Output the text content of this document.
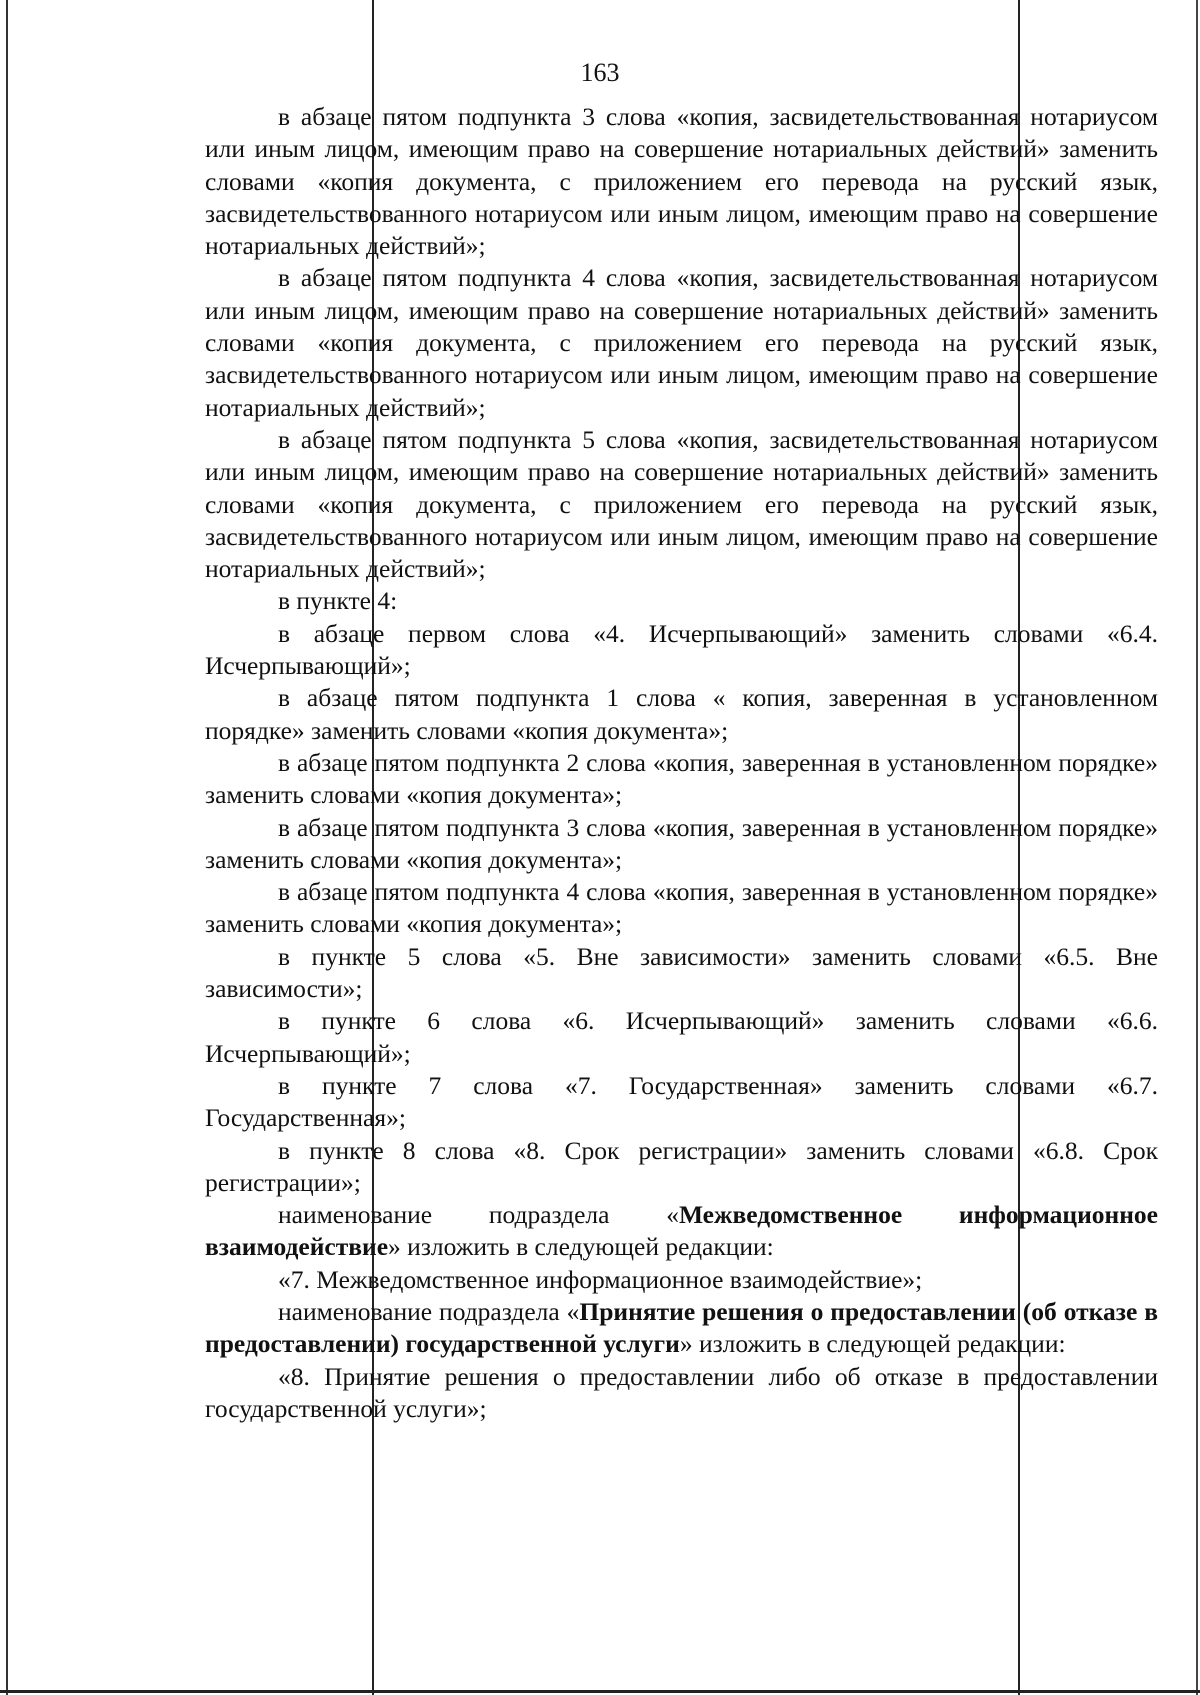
163

в абзаце пятом подпункта 3 слова «копия, засвидетельствованная нотариусом или иным лицом, имеющим право на совершение нотариальных действий» заменить словами «копия документа, с приложением его перевода на русский язык, засвидетельствованного нотариусом или иным лицом, имеющим право на совершение нотариальных действий»;

в абзаце пятом подпункта 4 слова «копия, засвидетельствованная нотариусом или иным лицом, имеющим право на совершение нотариальных действий» заменить словами «копия документа, с приложением его перевода на русский язык, засвидетельствованного нотариусом или иным лицом, имеющим право на совершение нотариальных действий»;

в абзаце пятом подпункта 5 слова «копия, засвидетельствованная нотариусом или иным лицом, имеющим право на совершение нотариальных действий» заменить словами «копия документа, с приложением его перевода на русский язык, засвидетельствованного нотариусом или иным лицом, имеющим право на совершение нотариальных действий»;

в пункте 4:

в абзаце первом слова «4. Исчерпывающий» заменить словами «6.4. Исчерпывающий»;

в абзаце пятом подпункта 1 слова « копия, заверенная в установленном порядке» заменить словами «копия документа»;

в абзаце пятом подпункта 2 слова «копия, заверенная в установленном порядке» заменить словами «копия документа»;

в абзаце пятом подпункта 3 слова «копия, заверенная в установленном порядке» заменить словами «копия документа»;

в абзаце пятом подпункта 4 слова «копия, заверенная в установленном порядке» заменить словами «копия документа»;

в пункте 5 слова «5. Вне зависимости» заменить словами «6.5. Вне зависимости»;

в пункте 6 слова «6. Исчерпывающий» заменить словами «6.6. Исчерпывающий»;

в пункте 7 слова «7. Государственная» заменить словами «6.7. Государственная»;

в пункте 8 слова «8. Срок регистрации» заменить словами «6.8. Срок регистрации»;

наименование подраздела «Межведомственное информационное взаимодействие» изложить в следующей редакции:

«7. Межведомственное информационное взаимодействие»;

наименование подраздела «Принятие решения о предоставлении (об отказе в предоставлении) государственной услуги» изложить в следующей редакции:

«8. Принятие решения о предоставлении либо об отказе в предоставлении государственной услуги»;
